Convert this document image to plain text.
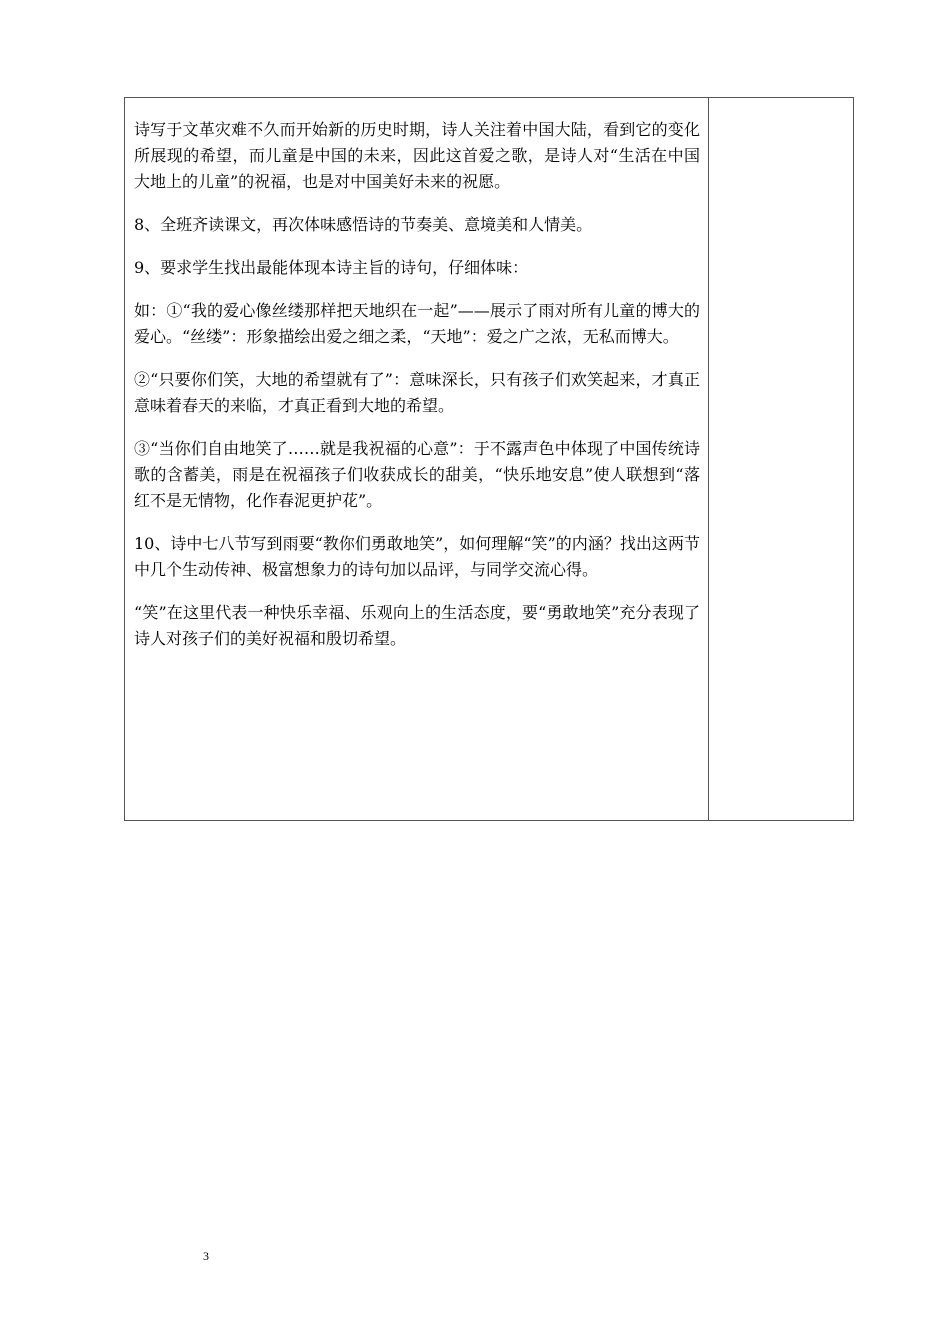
诗写于文革灾难不久而开始新的历史时期，诗人关注着中国大陆，看到它的变化所展现的希望，而儿童是中国的未来，因此这首爱之歌，是诗人对“生活在中国大地上的儿童”的祝福，也是对中国美好未来的祝愿。

8、全班齐读课文，再次体味感悟诗的节奏美、意境美和人情美。

9、要求学生找出最能体现本诗主旨的诗句，仔细体味：

如：①“我的爱心像丝缕那样把天地织在一起”——展示了雨对所有儿童的博大的爱心。“丝缕”：形象描绘出爱之细之柔，“天地”：爱之广之浓，无私而博大。

②“只要你们笑，大地的希望就有了”：意味深长，只有孩子们欢笑起来，才真正意味着春天的来临，才真正看到大地的希望。

③“当你们自由地笑了……就是我祝福的心意”：于不露声色中体现了中国传统诗歌的含蓄美，雨是在祝福孩子们收获成长的甜美，“快乐地安息”使人联想到“落红不是无情物，化作春泥更护花”。

10、诗中七八节写到雨要“教你们勇敢地笑”，如何理解“笑”的内涵？找出这两节中几个生动传神、极富想象力的诗句加以品评，与同学交流心得。

“笑”在这里代表一种快乐幸福、乐观向上的生活态度，要“勇敢地笑”充分表现了诗人对孩子们的美好祝福和殷切希望。

3
